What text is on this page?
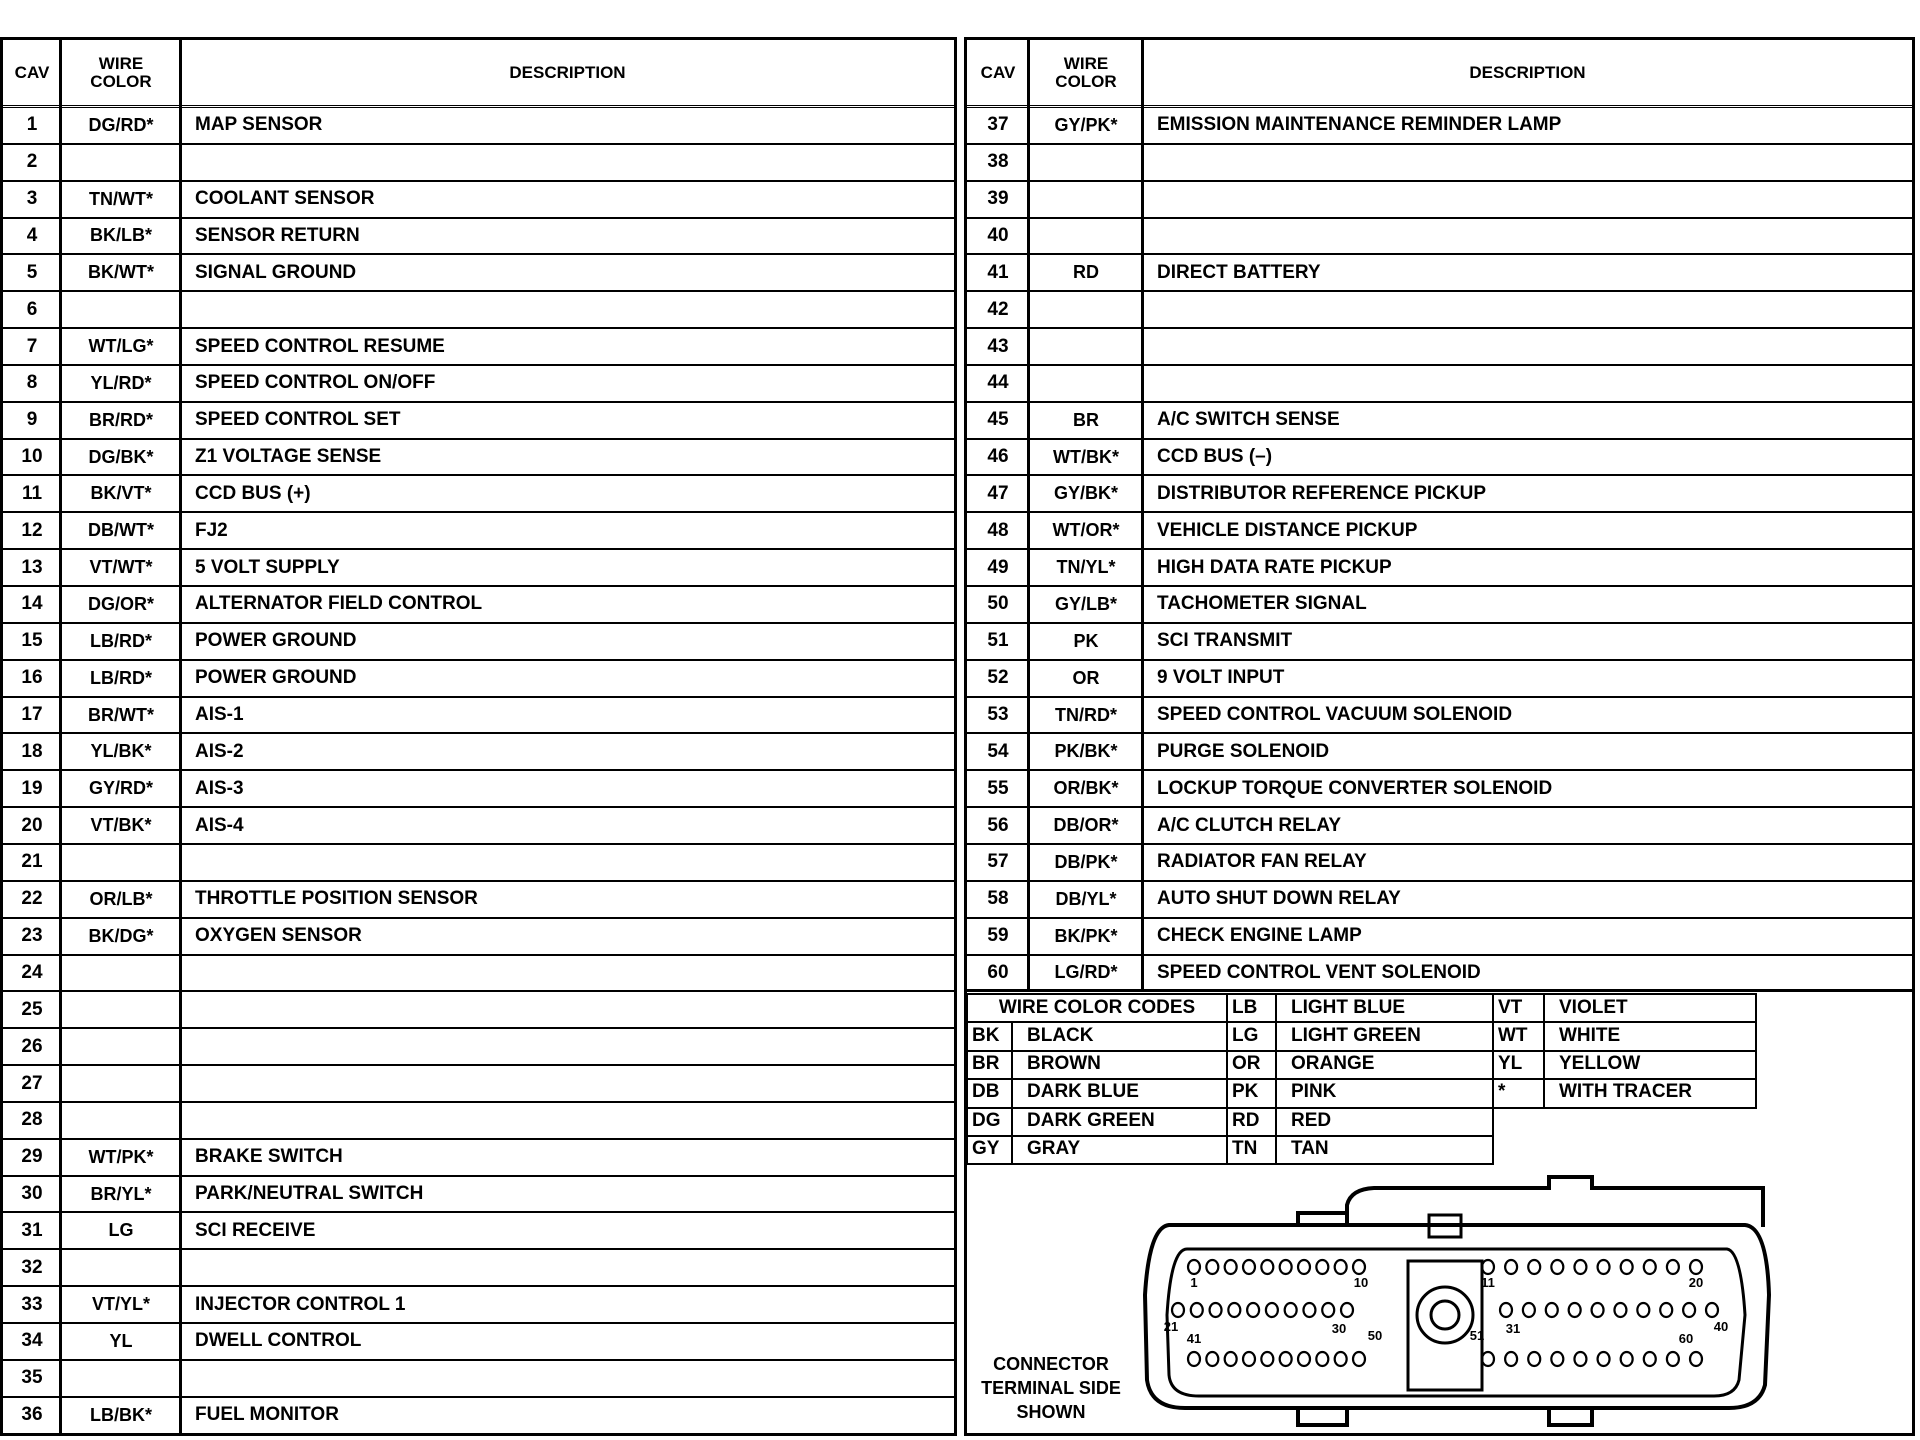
CAV	WIRE COLOR	DESCRIPTION
1	DG/RD*	MAP SENSOR
2
3	TN/WT*	COOLANT SENSOR
4	BK/LB*	SENSOR RETURN
5	BK/WT*	SIGNAL GROUND
6
7	WT/LG*	SPEED CONTROL RESUME
8	YL/RD*	SPEED CONTROL ON/OFF
9	BR/RD*	SPEED CONTROL SET
10	DG/BK*	Z1 VOLTAGE SENSE
11	BK/VT*	CCD BUS (+)
12	DB/WT*	FJ2
13	VT/WT*	5 VOLT SUPPLY
14	DG/OR*	ALTERNATOR FIELD CONTROL
15	LB/RD*	POWER GROUND
16	LB/RD*	POWER GROUND
17	BR/WT*	AIS-1
18	YL/BK*	AIS-2
19	GY/RD*	AIS-3
20	VT/BK*	AIS-4
21
22	OR/LB*	THROTTLE POSITION SENSOR
23	BK/DG*	OXYGEN SENSOR
24
25
26
27
28
29	WT/PK*	BRAKE SWITCH
30	BR/YL*	PARK/NEUTRAL SWITCH
31	LG	SCI RECEIVE
32
33	VT/YL*	INJECTOR CONTROL 1
34	YL	DWELL CONTROL
35
36	LB/BK*	FUEL MONITOR
CAV	WIRE COLOR	DESCRIPTION
37	GY/PK*	EMISSION MAINTENANCE REMINDER LAMP
38
39
40
41	RD	DIRECT BATTERY
42
43
44
45	BR	A/C SWITCH SENSE
46	WT/BK*	CCD BUS (–)
47	GY/BK*	DISTRIBUTOR REFERENCE PICKUP
48	WT/OR*	VEHICLE DISTANCE PICKUP
49	TN/YL*	HIGH DATA RATE PICKUP
50	GY/LB*	TACHOMETER SIGNAL
51	PK	SCI TRANSMIT
52	OR	9 VOLT INPUT
53	TN/RD*	SPEED CONTROL VACUUM SOLENOID
54	PK/BK*	PURGE SOLENOID
55	OR/BK*	LOCKUP TORQUE CONVERTER SOLENOID
56	DB/OR*	A/C CLUTCH RELAY
57	DB/PK*	RADIATOR FAN RELAY
58	DB/YL*	AUTO SHUT DOWN RELAY
59	BK/PK*	CHECK ENGINE LAMP
60	LG/RD*	SPEED CONTROL VENT SOLENOID
WIRE COLOR CODES
BK	BLACK
BR	BROWN
DB	DARK BLUE
DG	DARK GREEN
GY	GRAY
LB	LIGHT BLUE
LG	LIGHT GREEN
OR	ORANGE
PK	PINK
RD	RED
TN	TAN
VT	VIOLET
WT	WHITE
YL	YELLOW
*	WITH TRACER
CONNECTOR
TERMINAL SIDE
SHOWN
1	10	11	20
21	30	31	40
41	50	51	60
